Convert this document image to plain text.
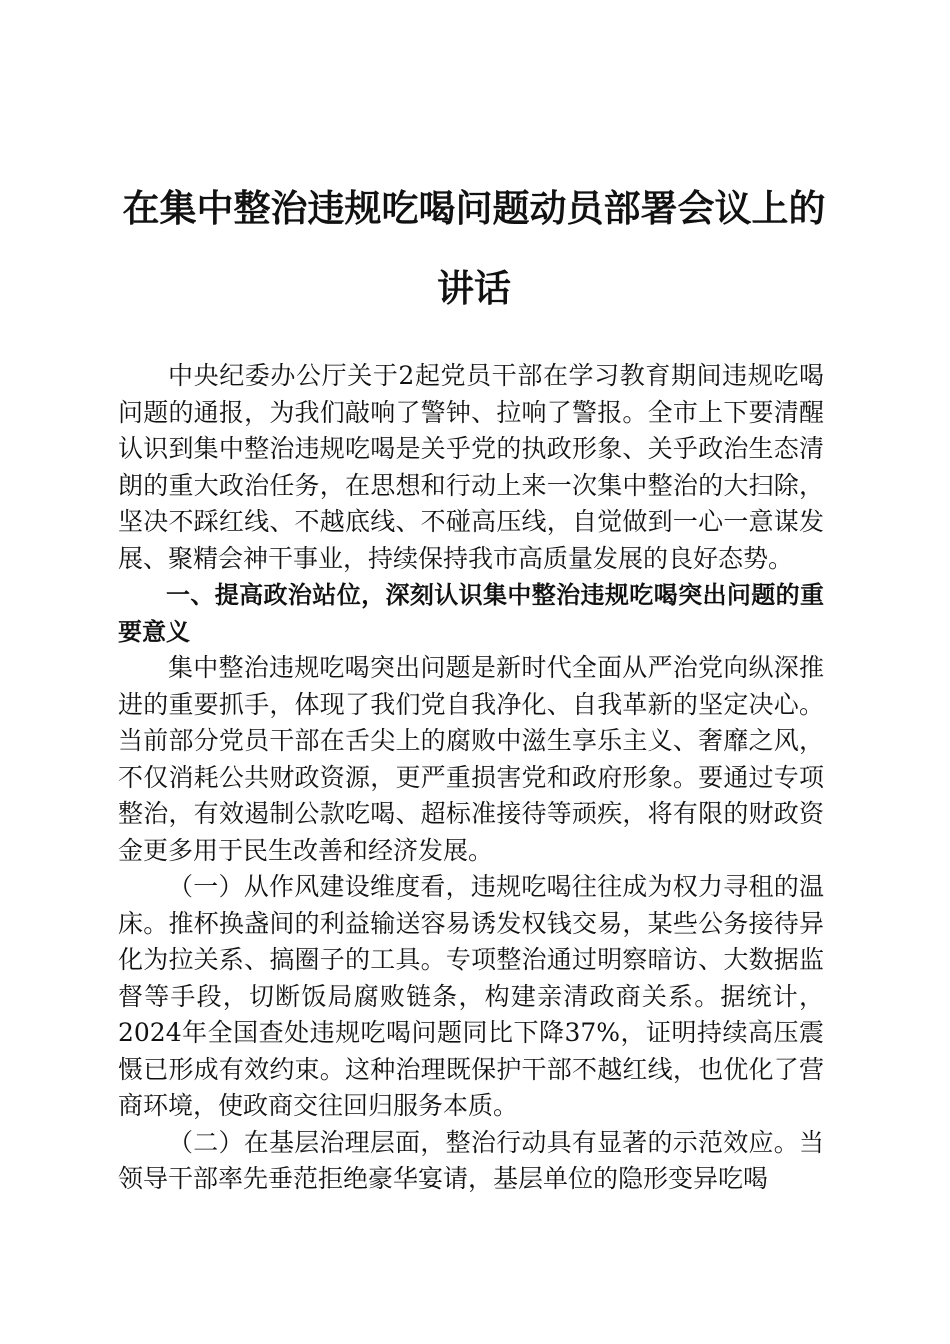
在集中整治违规吃喝问题动员部署会议上的讲话

中央纪委办公厅关于2起党员干部在学习教育期间违规吃喝问题的通报，为我们敲响了警钟、拉响了警报。全市上下要清醒认识到集中整治违规吃喝是关乎党的执政形象、关乎政治生态清朗的重大政治任务，在思想和行动上来一次集中整治的大扫除，坚决不踩红线、不越底线、不碰高压线，自觉做到一心一意谋发展、聚精会神干事业，持续保持我市高质量发展的良好态势。

一、提高政治站位，深刻认识集中整治违规吃喝突出问题的重要意义

集中整治违规吃喝突出问题是新时代全面从严治党向纵深推进的重要抓手，体现了我们党自我净化、自我革新的坚定决心。当前部分党员干部在舌尖上的腐败中滋生享乐主义、奢靡之风，不仅消耗公共财政资源，更严重损害党和政府形象。要通过专项整治，有效遏制公款吃喝、超标准接待等顽疾，将有限的财政资金更多用于民生改善和经济发展。

（一）从作风建设维度看，违规吃喝往往成为权力寻租的温床。推杯换盏间的利益输送容易诱发权钱交易，某些公务接待异化为拉关系、搞圈子的工具。专项整治通过明察暗访、大数据监督等手段，切断饭局腐败链条，构建亲清政商关系。据统计，2024年全国查处违规吃喝问题同比下降37%，证明持续高压震慑已形成有效约束。这种治理既保护干部不越红线，也优化了营商环境，使政商交往回归服务本质。

（二）在基层治理层面，整治行动具有显著的示范效应。当领导干部率先垂范拒绝豪华宴请，基层单位的隐形变异吃喝
